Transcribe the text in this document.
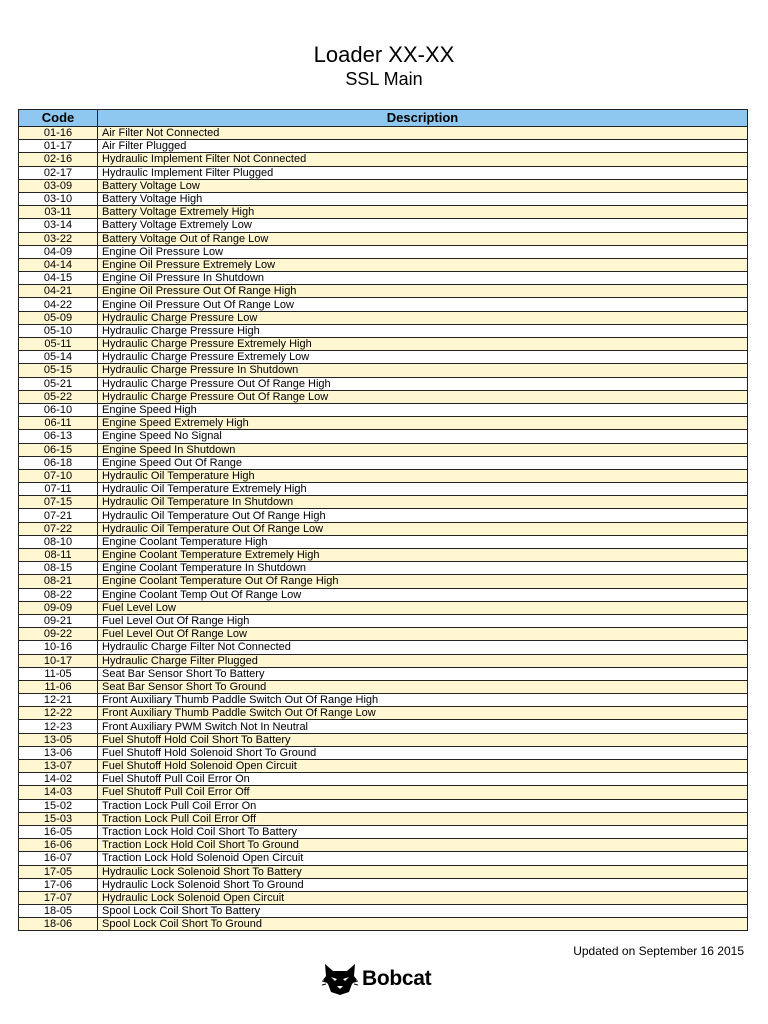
Loader XX-XX
SSL Main
Code	Description
01-16	Air Filter Not Connected
01-17	Air Filter Plugged
02-16	Hydraulic Implement Filter Not Connected
02-17	Hydraulic Implement Filter Plugged
03-09	Battery Voltage Low
03-10	Battery Voltage High
03-11	Battery Voltage Extremely High
03-14	Battery Voltage Extremely Low
03-22	Battery Voltage Out of Range Low
04-09	Engine Oil Pressure Low
04-14	Engine Oil Pressure Extremely Low
04-15	Engine Oil Pressure In Shutdown
04-21	Engine Oil Pressure Out Of Range High
04-22	Engine Oil Pressure Out Of Range Low
05-09	Hydraulic Charge Pressure Low
05-10	Hydraulic Charge Pressure High
05-11	Hydraulic Charge Pressure Extremely High
05-14	Hydraulic Charge Pressure Extremely Low
05-15	Hydraulic Charge Pressure In Shutdown
05-21	Hydraulic Charge Pressure Out Of Range High
05-22	Hydraulic Charge Pressure Out Of Range Low
06-10	Engine Speed High
06-11	Engine Speed Extremely High
06-13	Engine Speed No Signal
06-15	Engine Speed In Shutdown
06-18	Engine Speed Out Of Range
07-10	Hydraulic Oil Temperature High
07-11	Hydraulic Oil Temperature Extremely High
07-15	Hydraulic Oil Temperature In Shutdown
07-21	Hydraulic Oil Temperature Out Of Range High
07-22	Hydraulic Oil Temperature Out Of Range Low
08-10	Engine Coolant Temperature High
08-11	Engine Coolant Temperature Extremely High
08-15	Engine Coolant Temperature In Shutdown
08-21	Engine Coolant Temperature Out Of Range High
08-22	Engine Coolant Temp Out Of Range Low
09-09	Fuel Level Low
09-21	Fuel Level Out Of Range High
09-22	Fuel Level Out Of Range Low
10-16	Hydraulic Charge Filter Not Connected
10-17	Hydraulic Charge Filter Plugged
11-05	Seat Bar Sensor Short To Battery
11-06	Seat Bar Sensor Short To Ground
12-21	Front Auxiliary Thumb Paddle Switch Out Of Range High
12-22	Front Auxiliary Thumb Paddle Switch Out Of Range Low
12-23	Front Auxiliary PWM Switch Not In Neutral
13-05	Fuel Shutoff Hold Coil Short To Battery
13-06	Fuel Shutoff Hold Solenoid Short To Ground
13-07	Fuel Shutoff Hold Solenoid Open Circuit
14-02	Fuel Shutoff Pull Coil Error On
14-03	Fuel Shutoff Pull Coil Error Off
15-02	Traction Lock Pull Coil Error On
15-03	Traction Lock Pull Coil Error Off
16-05	Traction Lock Hold Coil Short To Battery
16-06	Traction Lock Hold Coil Short To Ground
16-07	Traction Lock Hold Solenoid Open Circuit
17-05	Hydraulic Lock Solenoid Short To Battery
17-06	Hydraulic Lock Solenoid Short To Ground
17-07	Hydraulic Lock Solenoid Open Circuit
18-05	Spool Lock Coil Short To Battery
18-06	Spool Lock Coil Short To Ground
Updated on September 16 2015
Bobcat
